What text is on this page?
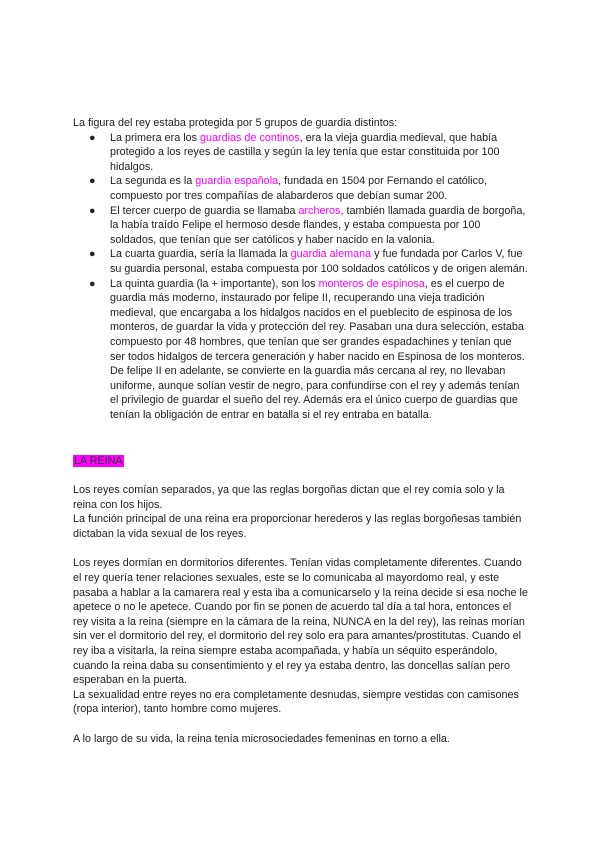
La figura del rey estaba protegida por 5 grupos de guardia distintos:

● La primera era los guardias de continos, era la vieja guardia medieval, que había protegido a los reyes de castilla y según la ley tenía que estar constituida por 100 hidalgos.
● La segunda es la guardia española, fundada en 1504 por Fernando el católico, compuesto por tres compañías de alabarderos que debían sumar 200.
● El tercer cuerpo de guardia se llamaba archeros, también llamada guardia de borgoña, la había traído Felipe el hermoso desde flandes, y estaba compuesta por 100 soldados, que tenían que ser católicos y haber nacido en la valonia.
● La cuarta guardia, sería la llamada la guardia alemana y fue fundada por Carlos V, fue su guardia personal, estaba compuesta por 100 soldados católicos y de origen alemán.
● La quinta guardia (la + importante), son los monteros de espinosa, es el cuerpo de guardia más moderno, instaurado por felipe II, recuperando una vieja tradición medieval, que encargaba a los hidalgos nacidos en el pueblecito de espinosa de los monteros, de guardar la vida y protección del rey. Pasaban una dura selección, estaba compuesto por 48 hombres, que tenían que ser grandes espadachines y tenían que ser todos hidalgos de tercera generación y haber nacido en Espinosa de los monteros. De felipe II en adelante, se convierte en la guardia más cercana al rey, no llevaban uniforme, aunque solían vestir de negro, para confundirse con el rey y además tenían el privilegio de guardar el sueño del rey. Además era el único cuerpo de guardias que tenían la obligación de entrar en batalla si el rey entraba en batalla.
LA REINA

Los reyes comían separados, ya que las reglas borgoñas dictan que el rey comía solo y la reina con los hijos.

La función principal de una reina era proporcionar herederos y las reglas borgoñesas también dictaban la vida sexual de los reyes.

Los reyes dormían en dormitorios diferentes. Tenían vidas completamente diferentes. Cuando el rey quería tener relaciones sexuales, este se lo comunicaba al mayordomo real, y este pasaba a hablar a la camarera real y esta iba a comunicarselo y la reina decide si esa noche le apetece o no le apetece. Cuando por fin se ponen de acuerdo tal día a tal hora, entonces el rey visita a la reina (siempre en la cámara de la reina, NUNCA en la del rey), las reinas morían sin ver el dormitorio del rey, el dormitorio del rey solo era para amantes/prostitutas. Cuando el rey iba a visitarla, la reina siempre estaba acompañada, y había un séquito esperándolo, cuando la reina daba su consentimiento y el rey ya estaba dentro, las doncellas salían pero esperaban en la puerta.

La sexualidad entre reyes no era completamente desnudas, siempre vestidas con camisones (ropa interior), tanto hombre como mujeres.

A lo largo de su vida, la reina tenía microsociedades femeninas en torno a ella.
